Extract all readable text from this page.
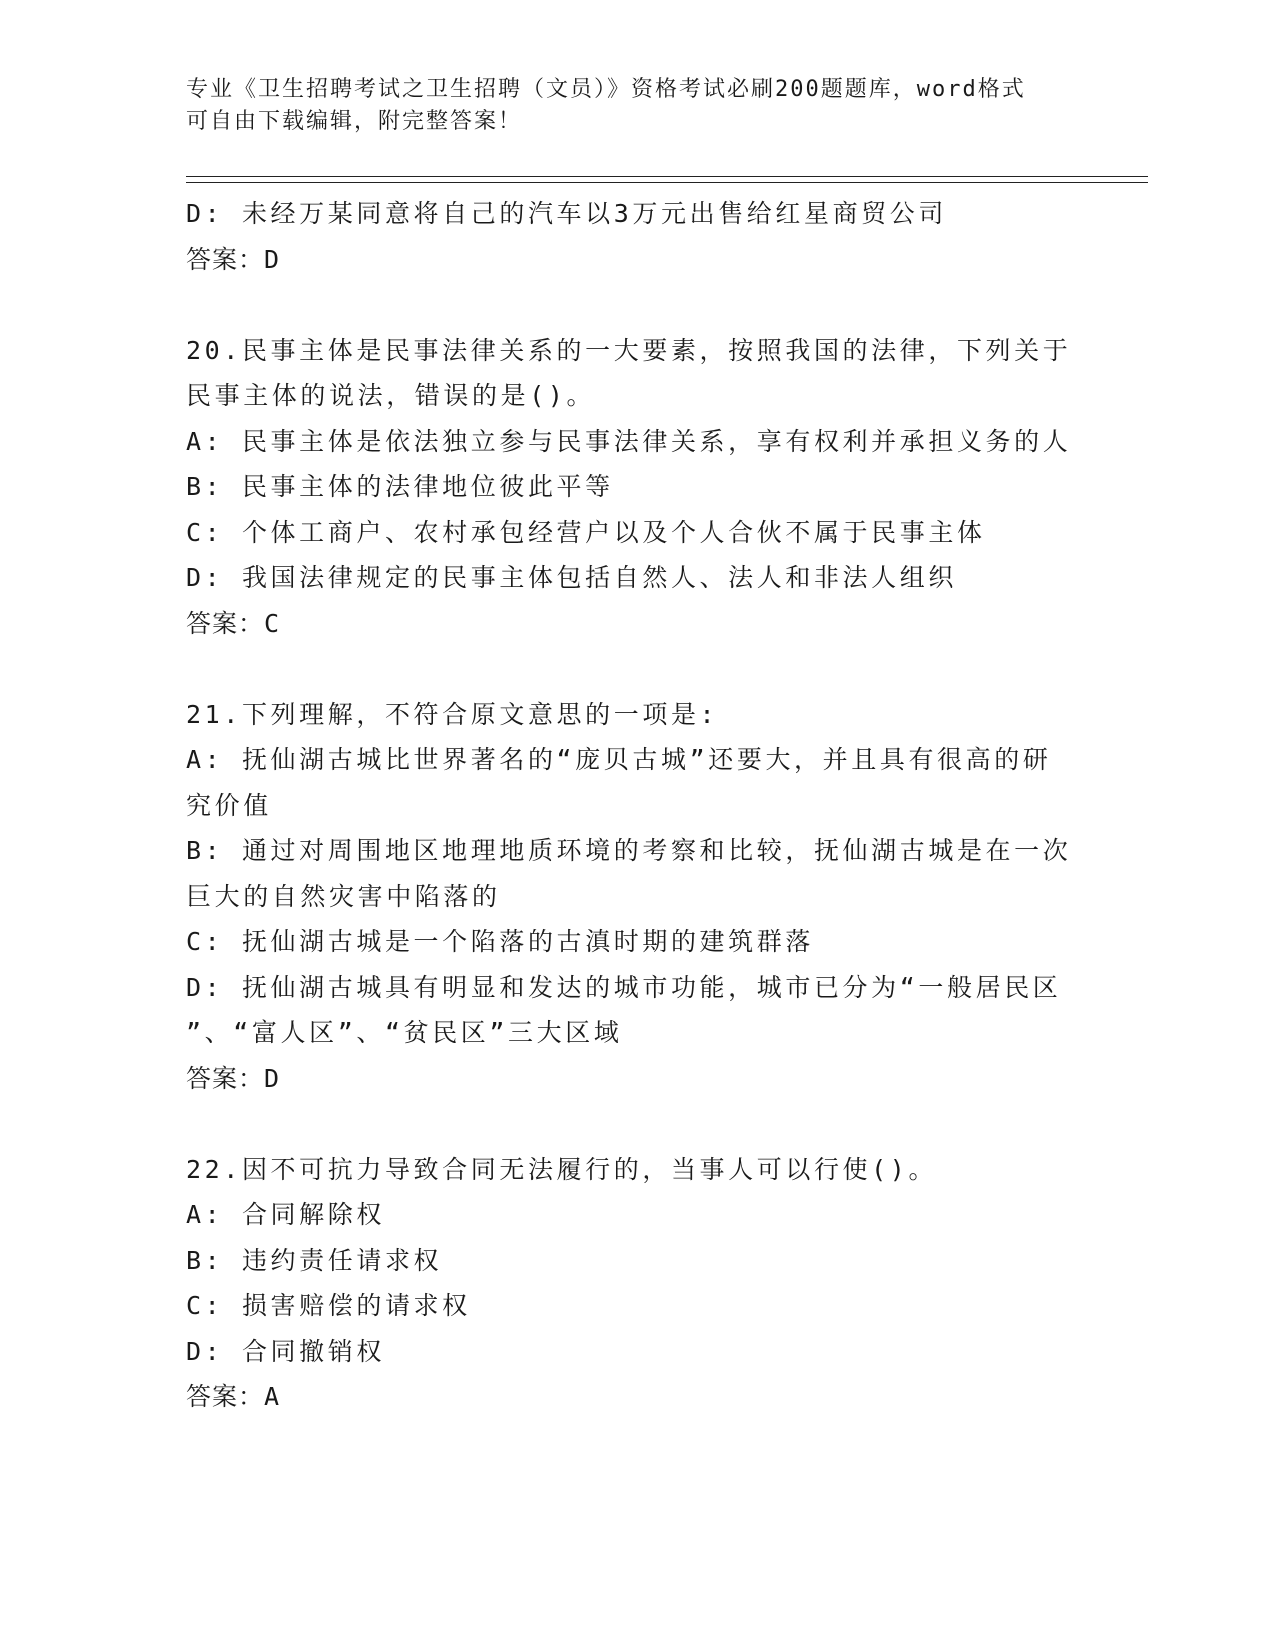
专业《卫生招聘考试之卫生招聘（文员）》资格考试必刷200题题库，word格式
可自由下载编辑，附完整答案！
D: 未经万某同意将自己的汽车以3万元出售给红星商贸公司
答案：D
20.民事主体是民事法律关系的一大要素，按照我国的法律，下列关于
民事主体的说法，错误的是()。
A: 民事主体是依法独立参与民事法律关系，享有权利并承担义务的人
B: 民事主体的法律地位彼此平等
C: 个体工商户、农村承包经营户以及个人合伙不属于民事主体
D: 我国法律规定的民事主体包括自然人、法人和非法人组织
答案：C
21.下列理解，不符合原文意思的一项是:
A: 抚仙湖古城比世界著名的“庞贝古城”还要大，并且具有很高的研
究价值
B: 通过对周围地区地理地质环境的考察和比较，抚仙湖古城是在一次
巨大的自然灾害中陷落的
C: 抚仙湖古城是一个陷落的古滇时期的建筑群落
D: 抚仙湖古城具有明显和发达的城市功能，城市已分为“一般居民区
”、“富人区”、“贫民区”三大区域
答案：D
22.因不可抗力导致合同无法履行的，当事人可以行使()。
A: 合同解除权
B: 违约责任请求权
C: 损害赔偿的请求权
D: 合同撤销权
答案：A
